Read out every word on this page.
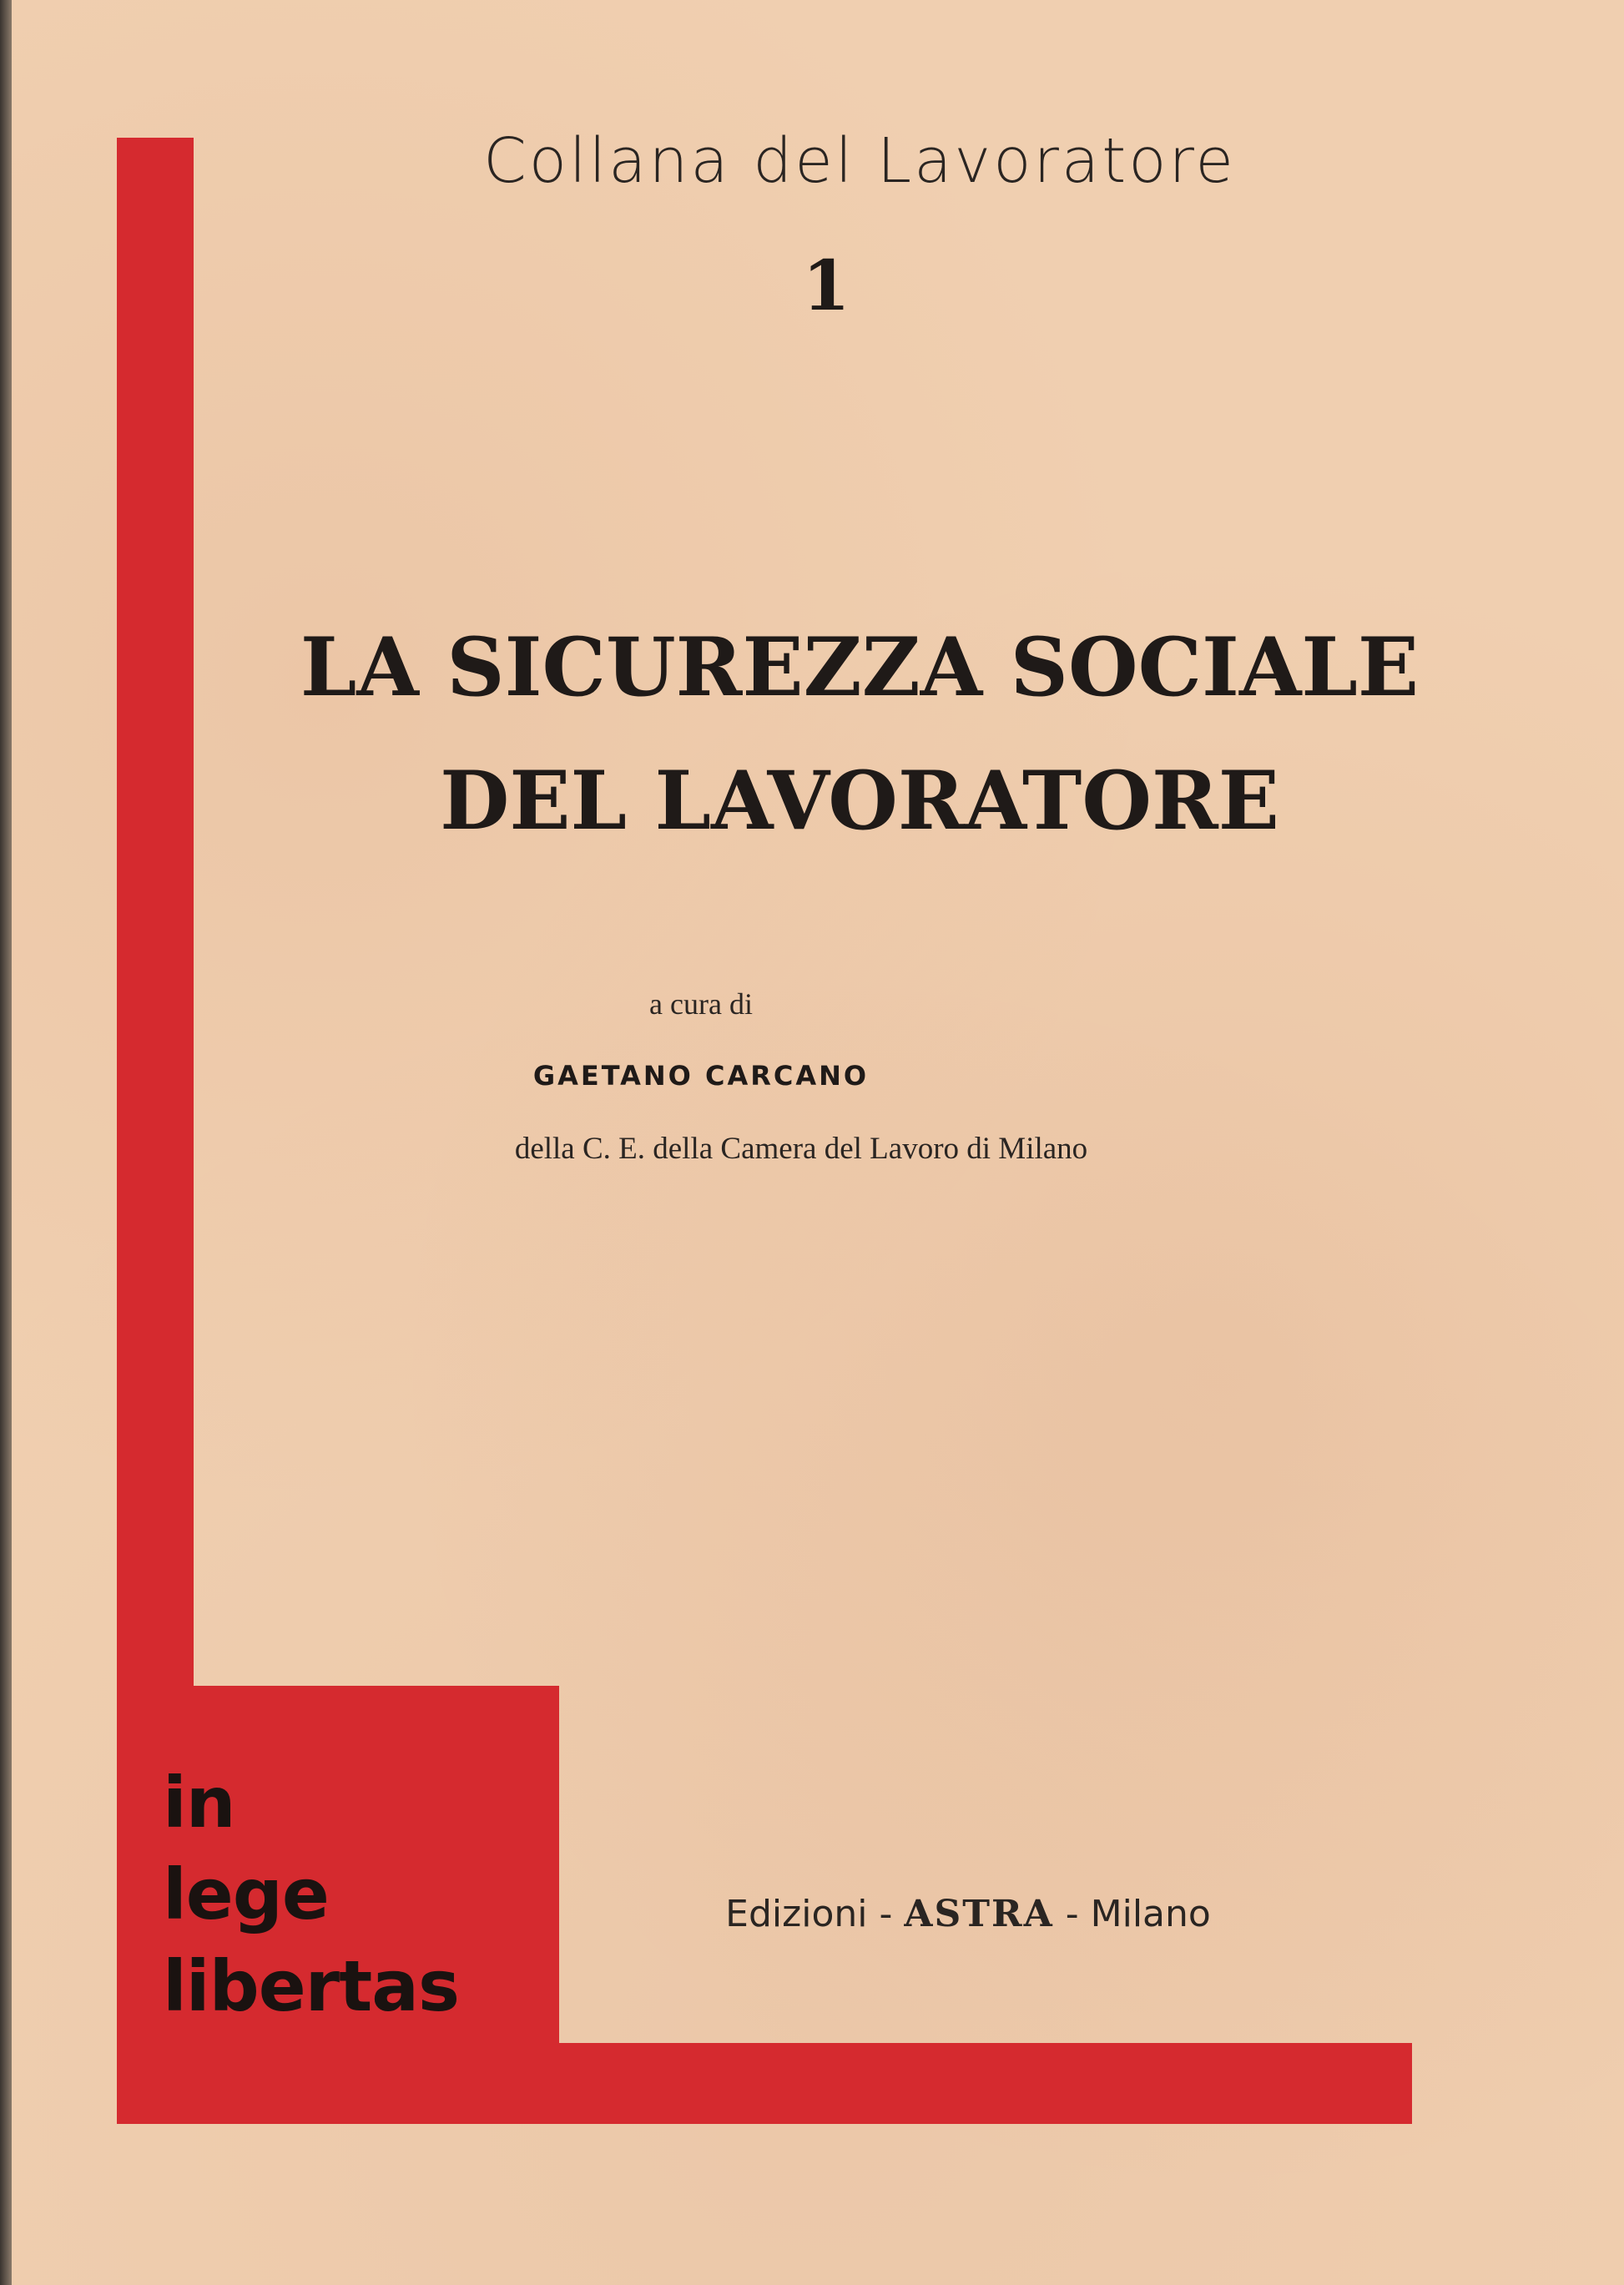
Collana del Lavoratore
1
LA SICUREZZA SOCIALE
DEL LAVORATORE
a cura di
GAETANO CARCANO
della C. E. della Camera del Lavoro di Milano
in
lege
libertas
Edizioni - ASTRA - Milano
